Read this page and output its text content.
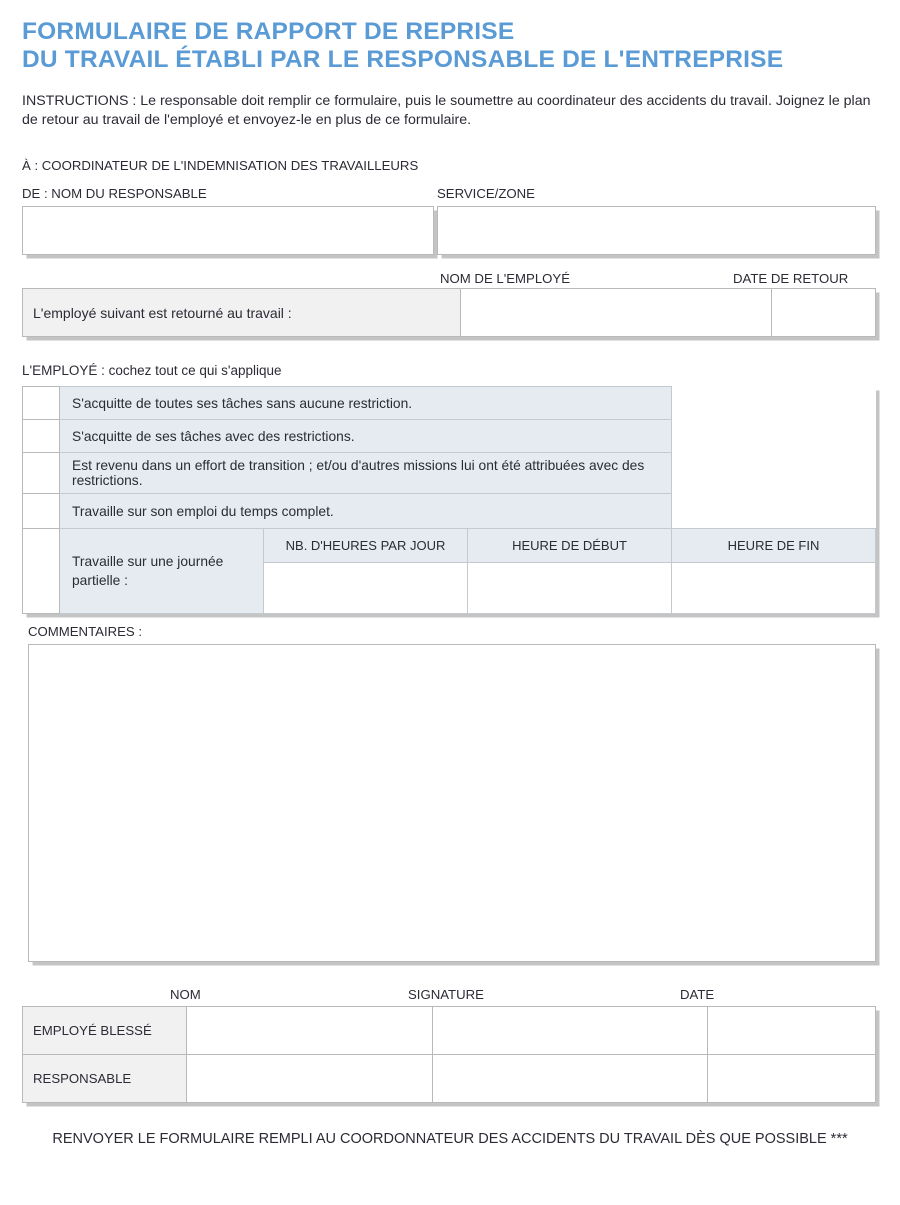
FORMULAIRE DE RAPPORT DE REPRISE
DU TRAVAIL ÉTABLI PAR LE RESPONSABLE DE L'ENTREPRISE
INSTRUCTIONS : Le responsable doit remplir ce formulaire, puis le soumettre au coordinateur des accidents du travail. Joignez le plan de retour au travail de l'employé et envoyez-le en plus de ce formulaire.
À : COORDINATEUR DE L'INDEMNISATION DES TRAVAILLEURS
DE : NOM DU RESPONSABLE	SERVICE/ZONE
NOM DE L'EMPLOYÉ	DATE DE RETOUR
L'employé suivant est retourné au travail :		
L'EMPLOYÉ : cochez tout ce qui s'applique
	S'acquitte de toutes ses tâches sans aucune restriction.			
	S'acquitte de ses tâches avec des restrictions.			
	Est revenu dans un effort de transition ; et/ou d'autres missions lui ont été attribuées avec des restrictions.			
	Travaille sur son emploi du temps complet.			
	Travaille sur une journée partielle :	NB. D'HEURES PAR JOUR	HEURE DE DÉBUT	HEURE DE FIN

COMMENTAIRES :
NOM	SIGNATURE	DATE
EMPLOYÉ BLESSÉ			
RESPONSABLE			
RENVOYER LE FORMULAIRE REMPLI AU COORDONNATEUR DES ACCIDENTS DU TRAVAIL DÈS QUE POSSIBLE ***
